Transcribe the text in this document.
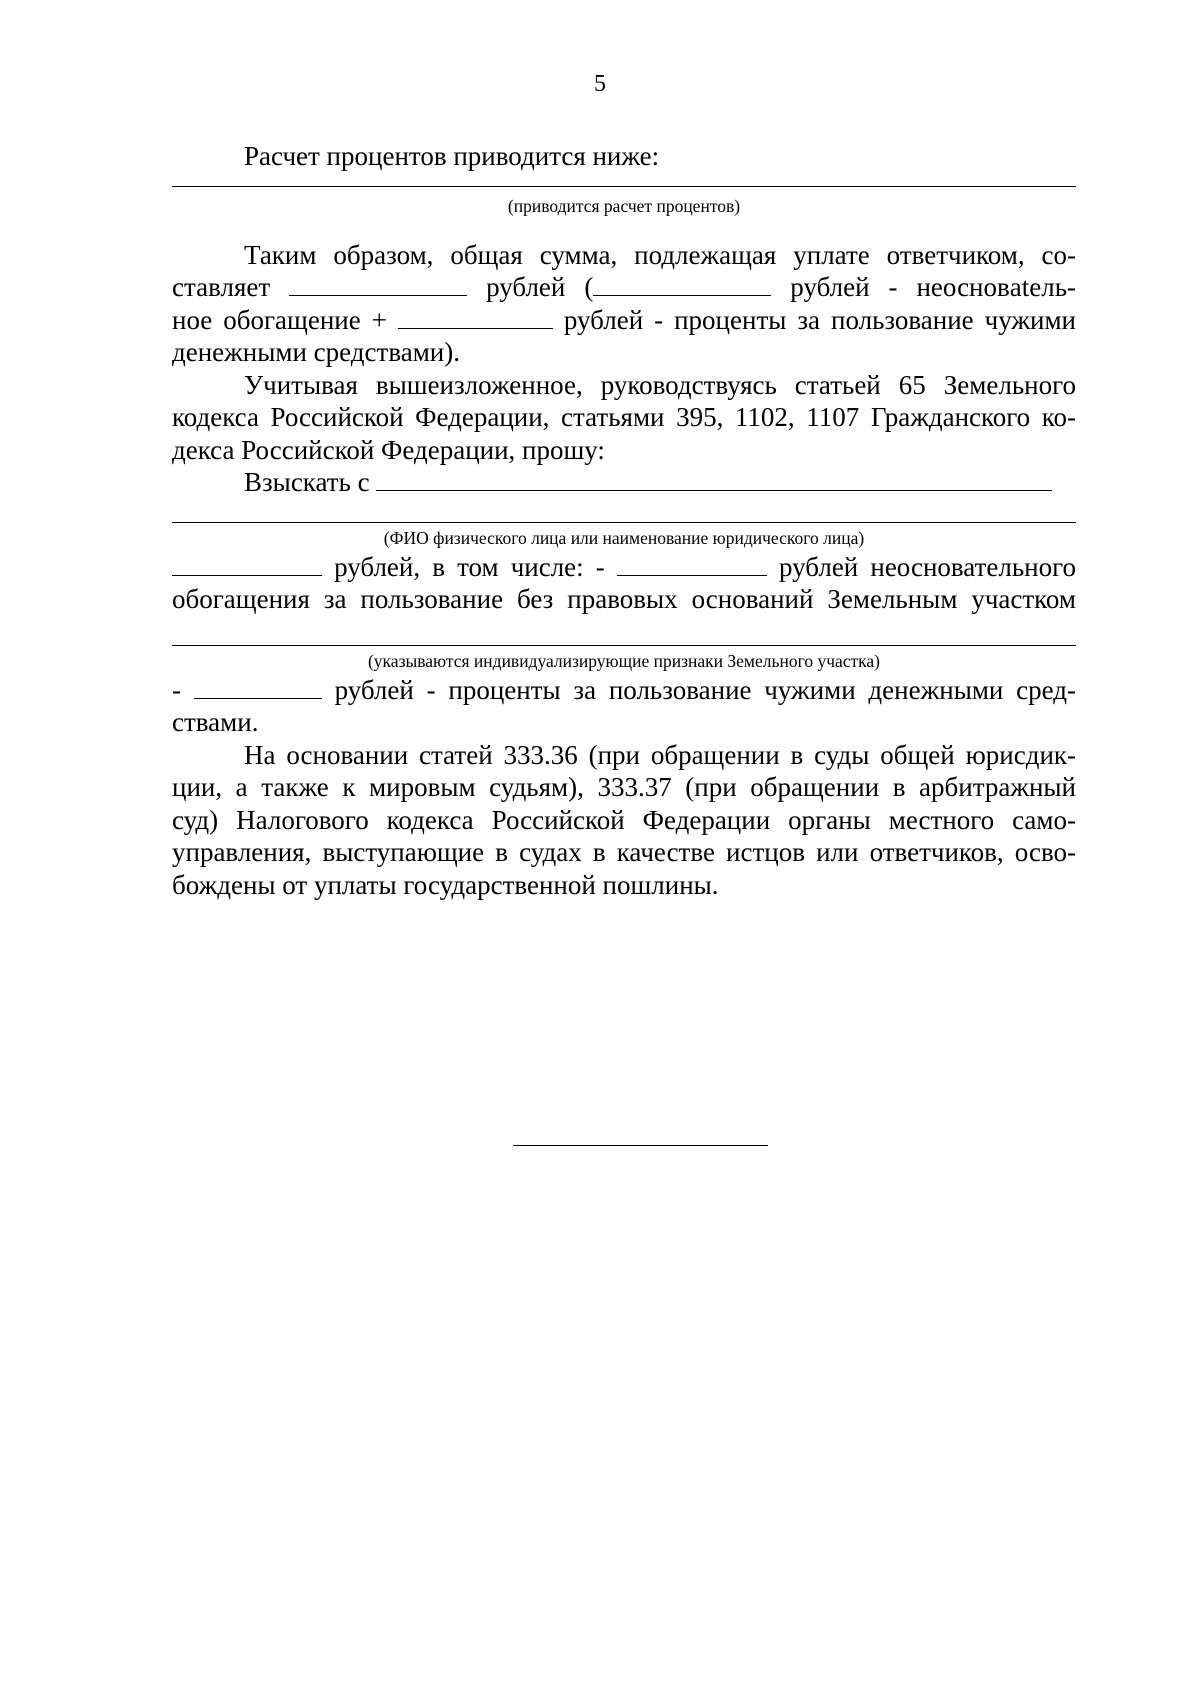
5

Расчет процентов приводится ниже:

(приводится расчет процентов)

Таким образом, общая сумма, подлежащая уплате ответчиком, со-

ставляет	рублей (	рублей - неосновatель-

ное обогащение +	рублей - проценты за пользование чужими

денежными средствами).

Учитывая вышеизложенное, руководствуясь статьей 65 Земельного

кодекса Российской Федерации, статьями 395, 1102, 1107 Гражданского ко-

декса Российской Федерации, прошу:

Взыскать с

(ФИО физического лица или наименование юридического лица)

рублей, в том числе: -	рублей неосновательного

обогащения за пользование без правовых оснований Земельным участком

(указываются индивидуализирующие признаки Земельного участка)

-	рублей - проценты за пользование чужими денежными сред-

ствами.

На основании статей 333.36 (при обращении в суды общей юрисдик-

ции, а также к мировым судьям), 333.37 (при обращении в арбитражный

суд) Налогового кодекса Российской Федерации органы местного само-

управления, выступающие в судах в качестве истцов или ответчиков, осво-

бождены от уплаты государственной пошлины.
